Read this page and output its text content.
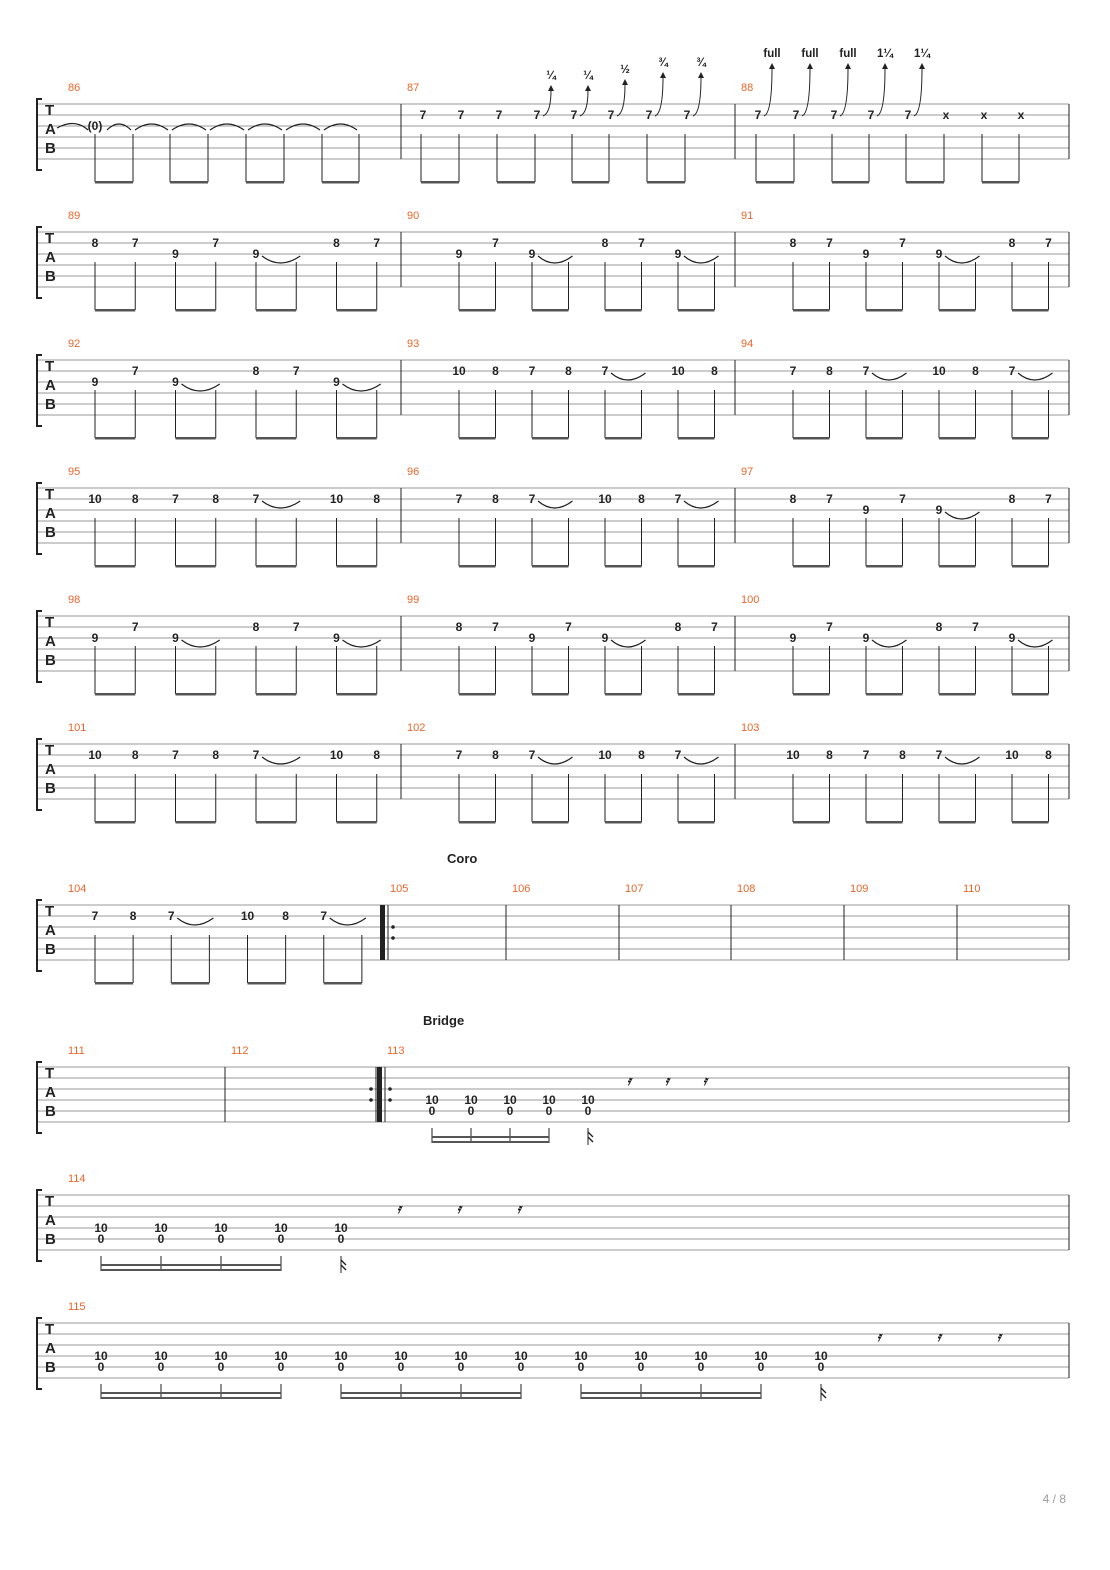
T
A
B
86
(0)
87
7	7	7	7
¼
7
¼
7
½
7
¾
7
¾
88
7
full
7
full
7
full
7
1¼
7
1¼
x	x	x
T
A
B
89
8	7
9
7
9
8	7
90
9
7
9
8 7
9
91
8 7
9
7
9
8 7
T
A
B
92
9
7
9
8	7
9
93
10 8 7 8 7	10 8
94
7 8 7	10 8 7
T
A
B
95
10	8	7	8	7	10	8
96
7 8 7	10 8 7
97
8 7
9
7
9
8 7
T
A
B
98
9
7
9
8	7
9
99
8 7
9
7
9
8 7
100
9
7
9
8 7
9
T
A
B
101
10	8	7	8	7	10	8
102
7 8 7	10 8 7
103
10 8 7 8 7	10 8
T
A
B
104
7	8	7	10 8	7
105
Coro
106	107	108	109	110
T
A
B
111	112	113
Bridge
10
0
10
0
10
0
10
0
10
0
𝄿	𝄿	𝄿
T
A
B
114
10
0
10
0
10
0
10
0
10
0
𝄿	𝄿	𝄿
T
A
B
115
10
0
10
0
10
0
10
0
10
0
10
0
10
0
10
0
10
0
10
0
10
0
10
0
10
0
𝄿	𝄿	𝄿
4 / 8
